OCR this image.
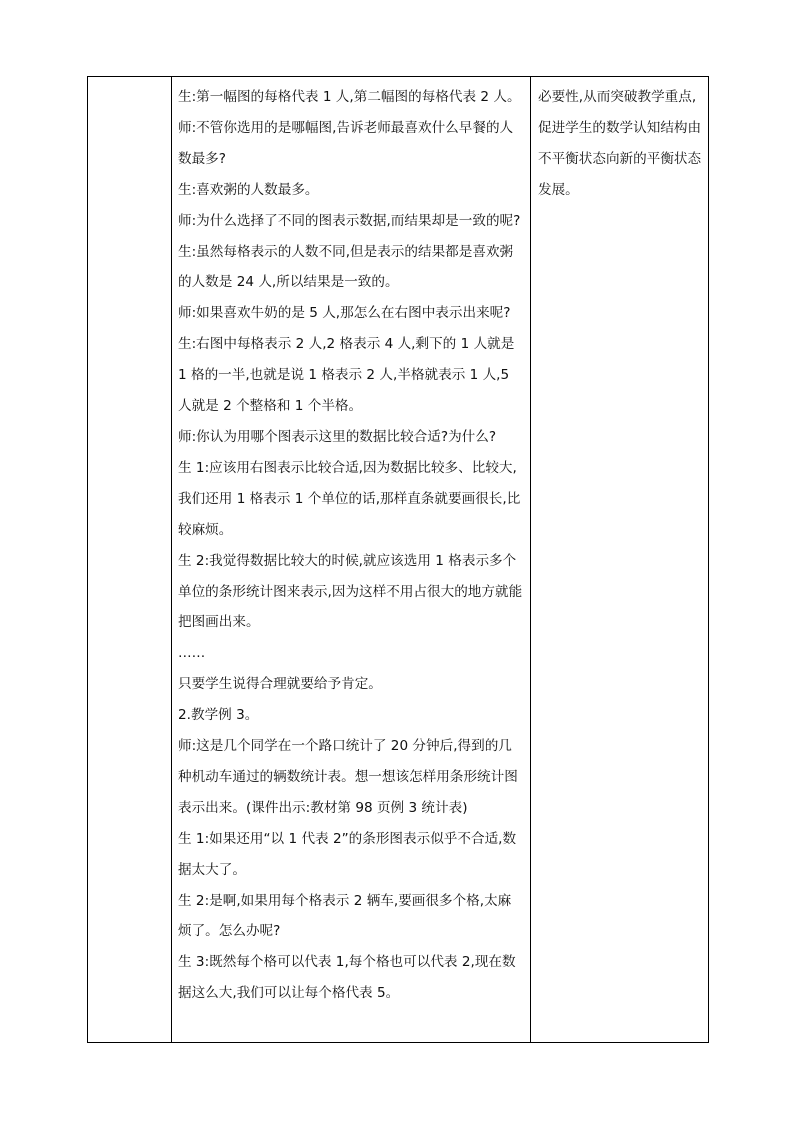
生:第一幅图的每格代表 1 人,第二幅图的每格代表 2 人。

师:不管你选用的是哪幅图,告诉老师最喜欢什么早餐的人数最多?

生:喜欢粥的人数最多。

师:为什么选择了不同的图表示数据,而结果却是一致的呢?

生:虽然每格表示的人数不同,但是表示的结果都是喜欢粥的人数是 24 人,所以结果是一致的。

师:如果喜欢牛奶的是 5 人,那怎么在右图中表示出来呢?

生:右图中每格表示 2 人,2 格表示 4 人,剩下的 1 人就是 1 格的一半,也就是说 1 格表示 2 人,半格就表示 1 人,5 人就是 2 个整格和 1 个半格。

师:你认为用哪个图表示这里的数据比较合适?为什么?

生 1:应该用右图表示比较合适,因为数据比较多、比较大,我们还用 1 格表示 1 个单位的话,那样直条就要画很长,比较麻烦。

生 2:我觉得数据比较大的时候,就应该选用 1 格表示多个单位的条形统计图来表示,因为这样不用占很大的地方就能把图画出来。

……

只要学生说得合理就要给予肯定。

2.教学例 3。

师:这是几个同学在一个路口统计了 20 分钟后,得到的几种机动车通过的辆数统计表。想一想该怎样用条形统计图表示出来。(课件出示:教材第 98 页例 3 统计表)

生 1:如果还用“以 1 代表 2”的条形图表示似乎不合适,数据太大了。

生 2:是啊,如果用每个格表示 2 辆车,要画很多个格,太麻烦了。怎么办呢?

生 3:既然每个格可以代表 1,每个格也可以代表 2,现在数据这么大,我们可以让每个格代表 5。

必要性,从而突破教学重点,促进学生的数学认知结构由不平衡状态向新的平衡状态发展。
